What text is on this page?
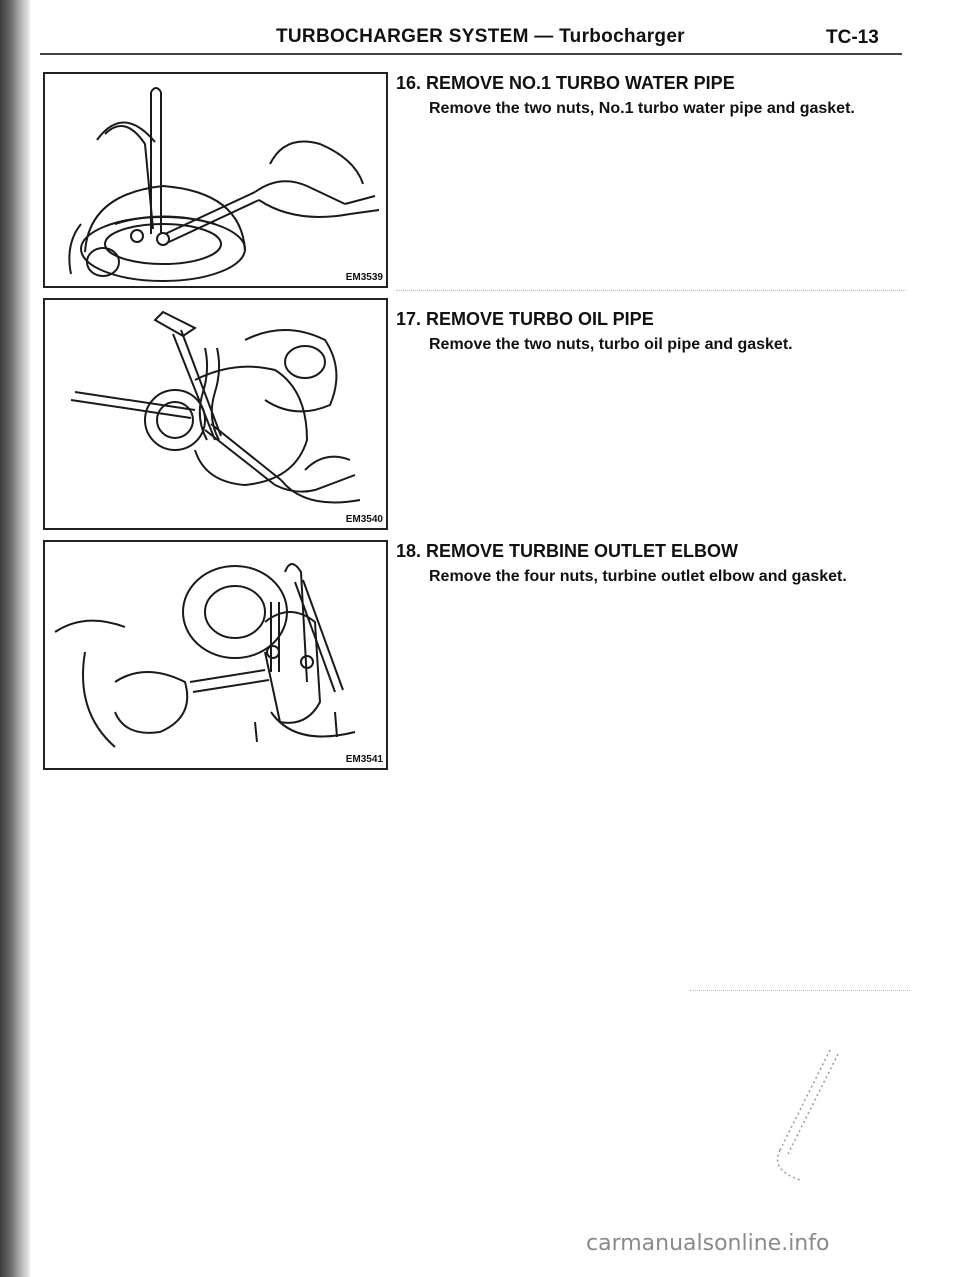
TURBOCHARGER SYSTEM — Turbocharger	TC-13
EM3539
EM3540
EM3541
16. REMOVE NO.1 TURBO WATER PIPE
Remove the two nuts, No.1 turbo water pipe and gasket.
17. REMOVE TURBO OIL PIPE
Remove the two nuts, turbo oil pipe and gasket.
18. REMOVE TURBINE OUTLET ELBOW
Remove the four nuts, turbine outlet elbow and gasket.
carmanualsonline.info
